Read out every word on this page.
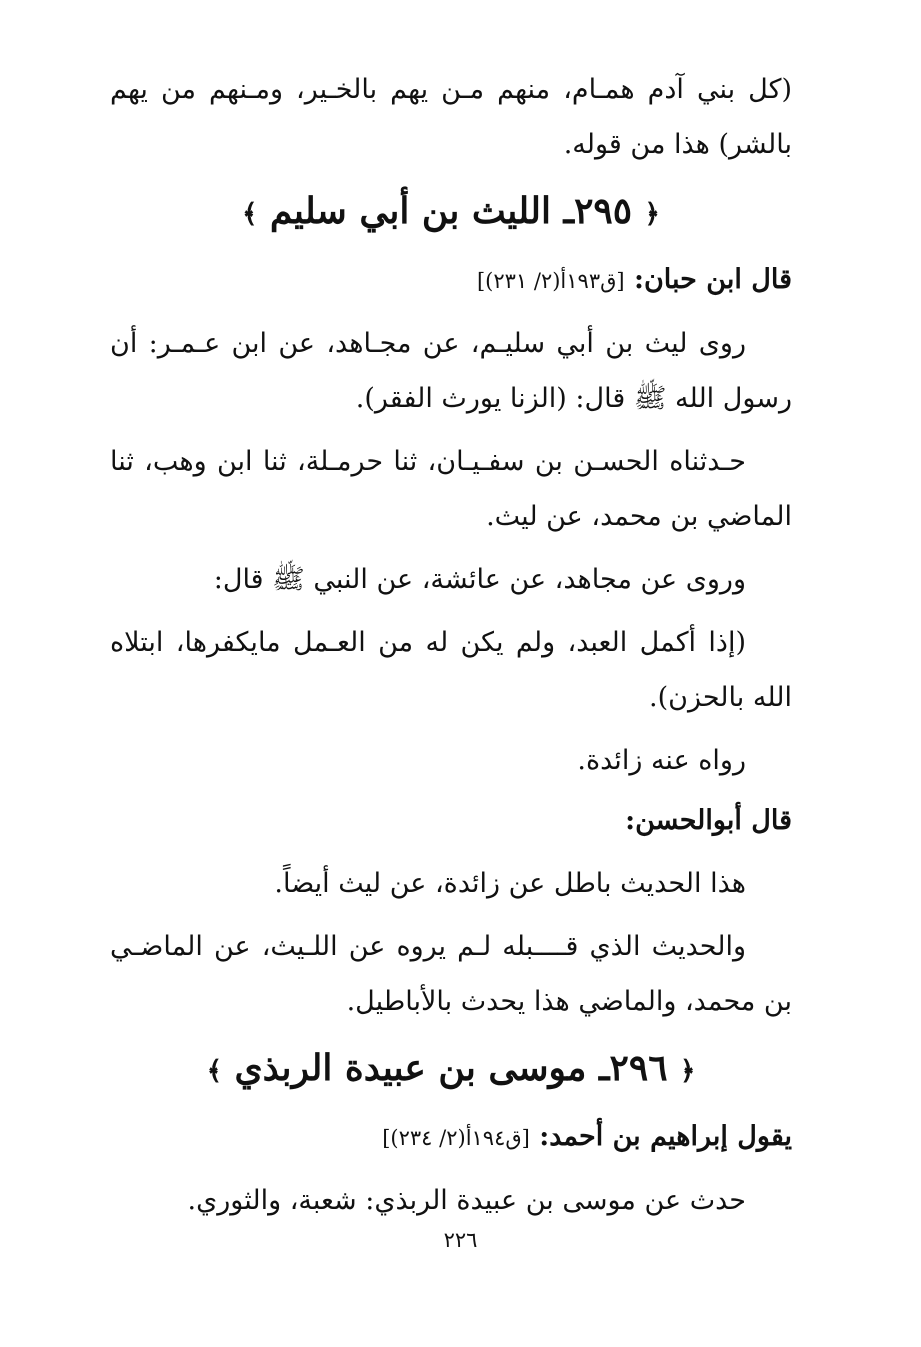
(كل بني آدم همـام، منهم مـن يهم بالخـير، ومـنهم من يهم بالشر) هذا من قوله.

﴿ ٢٩٥ـ الليث بن أبي سليم ﴾
قال ابن حبان: [ق١٩٣أ(٢/ ٢٣١)]

روى ليث بن أبي سليـم، عن مجـاهد، عن ابن عـمـر: أن رسول الله ﷺ قال: (الزنا يورث الفقر).

حـدثناه الحسـن بن سفـيـان، ثنا حرمـلة، ثنا ابن وهب، ثنا الماضي بن محمد، عن ليث.

وروى عن مجاهد، عن عائشة، عن النبي ﷺ قال:

(إذا أكمل العبد، ولم يكن له من العـمل مايكفرها، ابتلاه الله بالحزن).

رواه عنه زائدة.

قال أبوالحسن:

هذا الحديث باطل عن زائدة، عن ليث أيضاً.

والحديث الذي قــــبله لـم يروه عن اللـيث، عن الماضـي بن محمد، والماضي هذا يحدث بالأباطيل.

﴿ ٢٩٦ـ موسى بن عبيدة الربذي ﴾
يقول إبراهيم بن أحمد: [ق١٩٤أ(٢/ ٢٣٤)]

حدث عن موسى بن عبيدة الربذي: شعبة، والثوري.

٢٢٦
